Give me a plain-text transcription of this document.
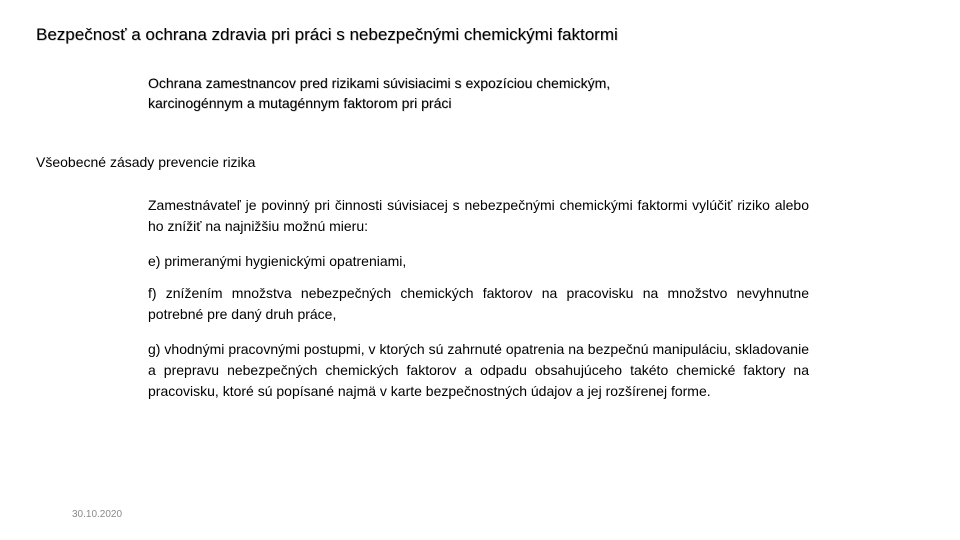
Bezpečnosť a ochrana zdravia pri práci s nebezpečnými chemickými faktormi
Ochrana zamestnancov pred rizikami súvisiacimi s expozíciou chemickým,
karcinogénnym a mutagénnym faktorom pri práci
Všeobecné zásady prevencie rizika
Zamestnávateľ je povinný pri činnosti súvisiacej s nebezpečnými chemickými faktormi vylúčiť riziko alebo ho znížiť na najnižšiu možnú mieru:
e) primeranými hygienickými opatreniami,
f) znížením množstva nebezpečných chemických faktorov na pracovisku na množstvo nevyhnutne potrebné pre daný druh práce,
g) vhodnými pracovnými postupmi, v ktorých sú zahrnuté opatrenia na bezpečnú manipuláciu, skladovanie a prepravu nebezpečných chemických faktorov a odpadu obsahujúceho takéto chemické faktory na pracovisku, ktoré sú popísané najmä v karte bezpečnostných údajov a jej rozšírenej forme.
30.10.2020
